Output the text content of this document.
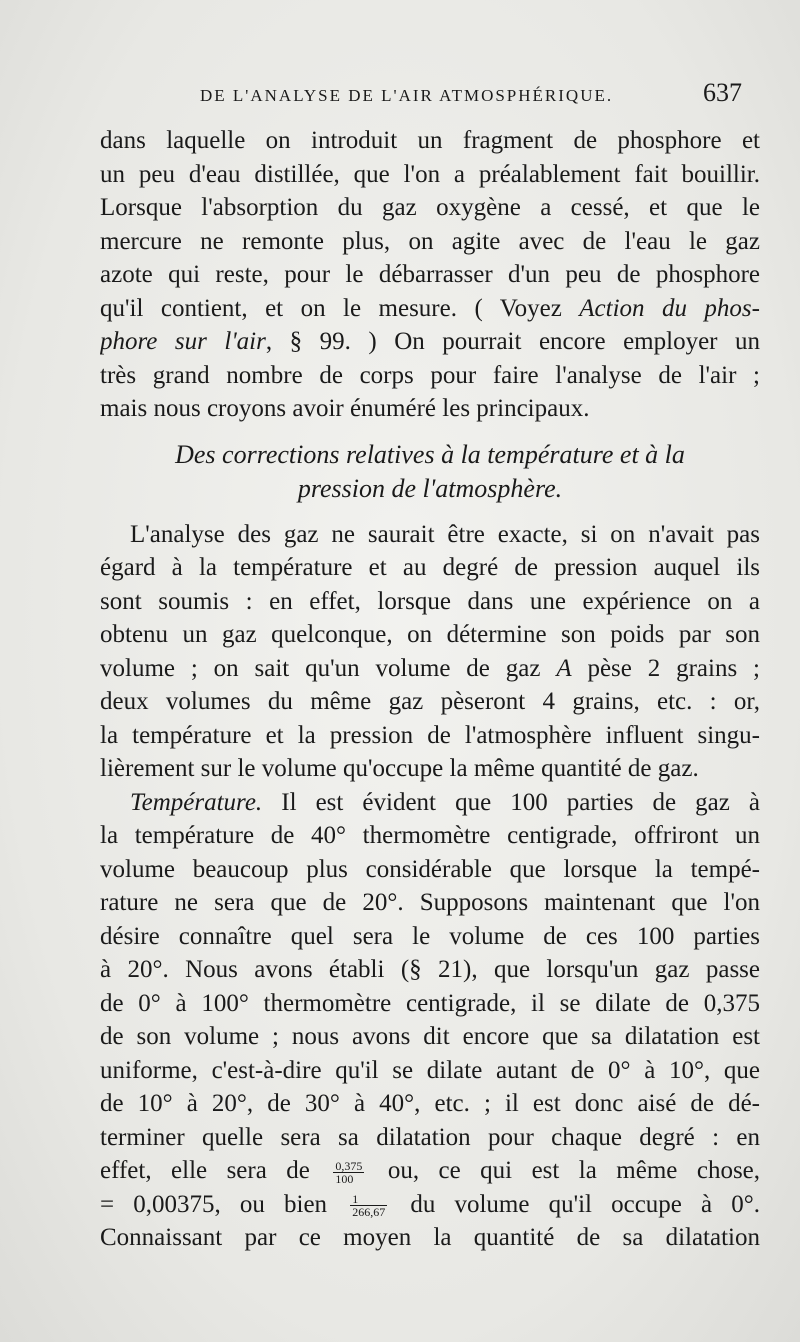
DE L'ANALYSE DE L'AIR ATMOSPHÉRIQUE.	637
dans laquelle on introduit un fragment de phosphore et
un peu d'eau distillée, que l'on a préalablement fait bouillir.
Lorsque l'absorption du gaz oxygène a cessé, et que le
mercure ne remonte plus, on agite avec de l'eau le gaz
azote qui reste, pour le débarrasser d'un peu de phosphore
qu'il contient, et on le mesure. ( Voyez Action du phos-
phore sur l'air, § 99. ) On pourrait encore employer un
très grand nombre de corps pour faire l'analyse de l'air ;
mais nous croyons avoir énuméré les principaux.
Des corrections relatives à la température et à la
pression de l'atmosphère.
L'analyse des gaz ne saurait être exacte, si on n'avait pas
égard à la température et au degré de pression auquel ils
sont soumis : en effet, lorsque dans une expérience on a
obtenu un gaz quelconque, on détermine son poids par son
volume ; on sait qu'un volume de gaz A pèse 2 grains ;
deux volumes du même gaz pèseront 4 grains, etc. : or,
la température et la pression de l'atmosphère influent singu-
lièrement sur le volume qu'occupe la même quantité de gaz.
Température. Il est évident que 100 parties de gaz à
la température de 40° thermomètre centigrade, offriront un
volume beaucoup plus considérable que lorsque la tempé-
rature ne sera que de 20°. Supposons maintenant que l'on
désire connaître quel sera le volume de ces 100 parties
à 20°. Nous avons établi (§ 21), que lorsqu'un gaz passe
de 0° à 100° thermomètre centigrade, il se dilate de 0,375
de son volume ; nous avons dit encore que sa dilatation est
uniforme, c'est-à-dire qu'il se dilate autant de 0° à 10°, que
de 10° à 20°, de 30° à 40°, etc. ; il est donc aisé de dé-
terminer quelle sera sa dilatation pour chaque degré : en
effet, elle sera de $\frac{0,375}{100}$ ou, ce qui est la même chose,
= 0,00375, ou bien $\frac{1}{266,67}$ du volume qu'il occupe à 0°.
Connaissant par ce moyen la quantité de sa dilatation
